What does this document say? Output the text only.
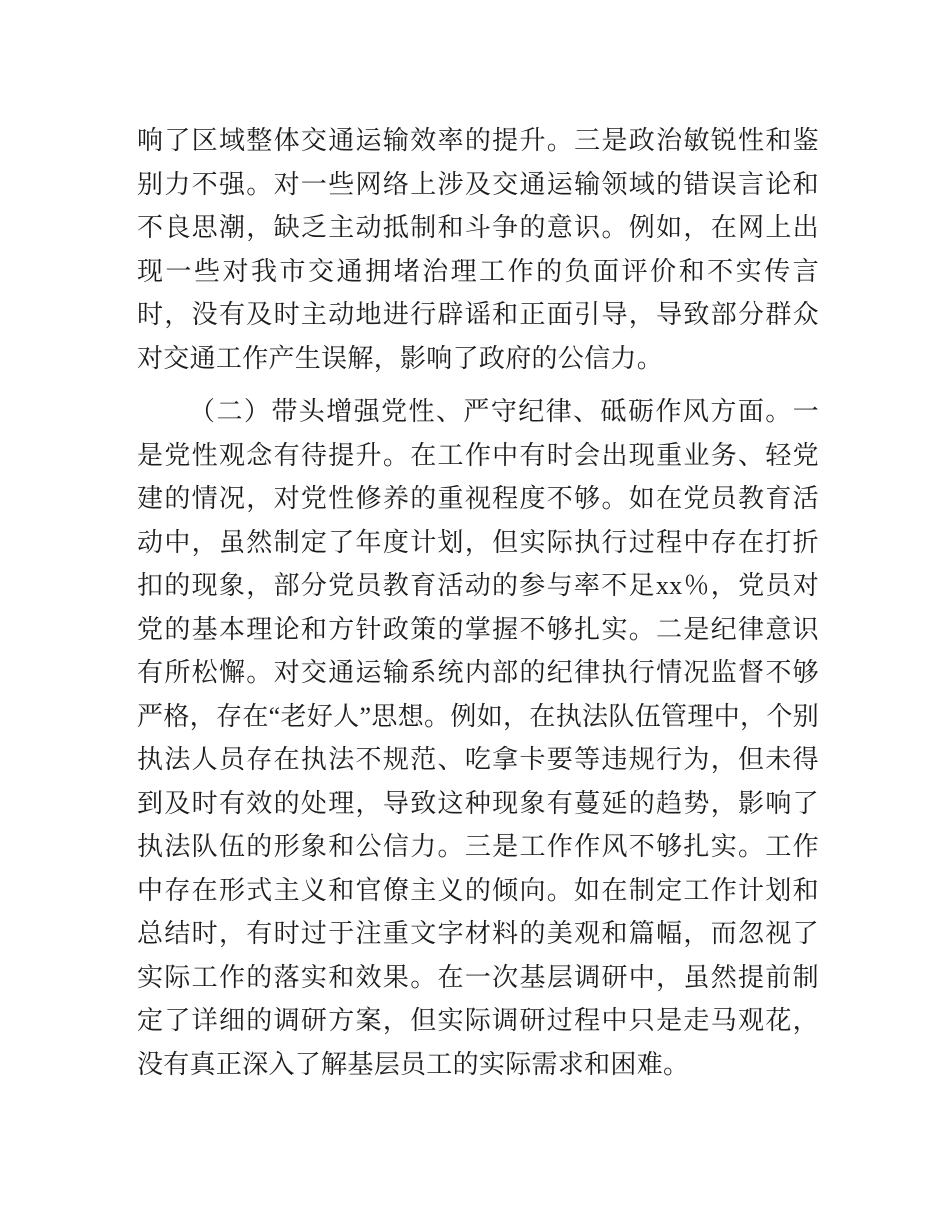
响了区域整体交通运输效率的提升。三是政治敏锐性和鉴别力不强。对一些网络上涉及交通运输领域的错误言论和不良思潮，缺乏主动抵制和斗争的意识。例如，在网上出现一些对我市交通拥堵治理工作的负面评价和不实传言时，没有及时主动地进行辟谣和正面引导，导致部分群众对交通工作产生误解，影响了政府的公信力。

（二）带头增强党性、严守纪律、砥砺作风方面。一是党性观念有待提升。在工作中有时会出现重业务、轻党建的情况，对党性修养的重视程度不够。如在党员教育活动中，虽然制定了年度计划，但实际执行过程中存在打折扣的现象，部分党员教育活动的参与率不足xx％，党员对党的基本理论和方针政策的掌握不够扎实。二是纪律意识有所松懈。对交通运输系统内部的纪律执行情况监督不够严格，存在“老好人”思想。例如，在执法队伍管理中，个别执法人员存在执法不规范、吃拿卡要等违规行为，但未得到及时有效的处理，导致这种现象有蔓延的趋势，影响了执法队伍的形象和公信力。三是工作作风不够扎实。工作中存在形式主义和官僚主义的倾向。如在制定工作计划和总结时，有时过于注重文字材料的美观和篇幅，而忽视了实际工作的落实和效果。在一次基层调研中，虽然提前制定了详细的调研方案，但实际调研过程中只是走马观花，没有真正深入了解基层员工的实际需求和困难。
